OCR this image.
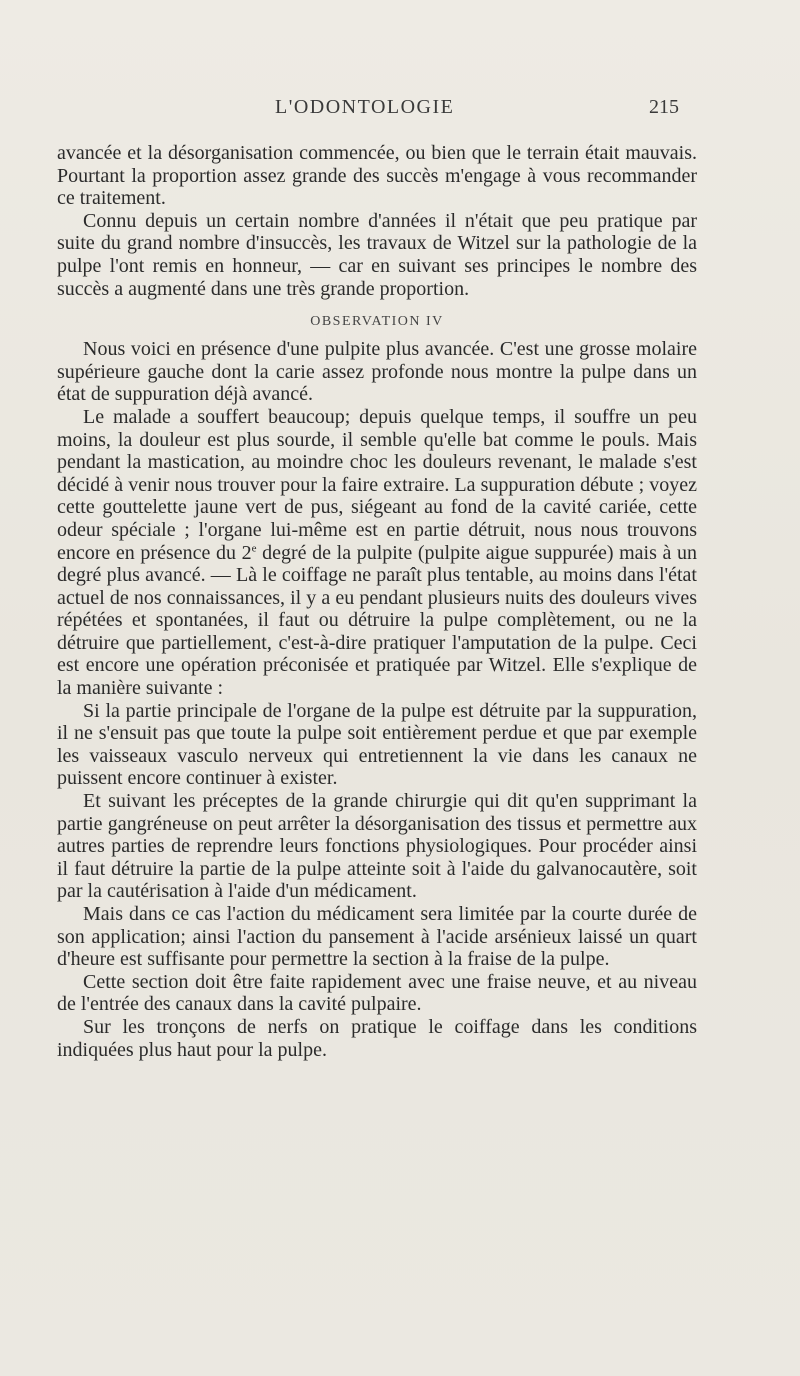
L'ODONTOLOGIE	215

avancée et la désorganisation commencée, ou bien que le terrain était mauvais. Pourtant la proportion assez grande des succès m'engage à vous recommander ce traitement.

Connu depuis un certain nombre d'années il n'était que peu pratique par suite du grand nombre d'insuccès, les travaux de Witzel sur la pathologie de la pulpe l'ont remis en honneur, — car en suivant ses principes le nombre des succès a augmenté dans une très grande proportion.

OBSERVATION IV

Nous voici en présence d'une pulpite plus avancée. C'est une grosse molaire supérieure gauche dont la carie assez profonde nous montre la pulpe dans un état de suppuration déjà avancé.

Le malade a souffert beaucoup; depuis quelque temps, il souffre un peu moins, la douleur est plus sourde, il semble qu'elle bat comme le pouls. Mais pendant la mastication, au moindre choc les douleurs revenant, le malade s'est décidé à venir nous trouver pour la faire extraire. La suppuration débute ; voyez cette gouttelette jaune vert de pus, siégeant au fond de la cavité cariée, cette odeur spéciale ; l'organe lui-même est en partie détruit, nous nous trouvons encore en présence du 2e degré de la pulpite (pulpite aigue suppurée) mais à un degré plus avancé. — Là le coiffage ne paraît plus tentable, au moins dans l'état actuel de nos connaissances, il y a eu pendant plusieurs nuits des douleurs vives répétées et spontanées, il faut ou détruire la pulpe complètement, ou ne la détruire que partiellement, c'est-à-dire pratiquer l'amputation de la pulpe. Ceci est encore une opération préconisée et pratiquée par Witzel. Elle s'explique de la manière suivante :

Si la partie principale de l'organe de la pulpe est détruite par la suppuration, il ne s'ensuit pas que toute la pulpe soit entièrement perdue et que par exemple les vaisseaux vasculo nerveux qui entretiennent la vie dans les canaux ne puissent encore continuer à exister.

Et suivant les préceptes de la grande chirurgie qui dit qu'en supprimant la partie gangréneuse on peut arrêter la désorganisation des tissus et permettre aux autres parties de reprendre leurs fonctions physiologiques. Pour procéder ainsi il faut détruire la partie de la pulpe atteinte soit à l'aide du galvanocautère, soit par la cautérisation à l'aide d'un médicament.

Mais dans ce cas l'action du médicament sera limitée par la courte durée de son application; ainsi l'action du pansement à l'acide arsénieux laissé un quart d'heure est suffisante pour permettre la section à la fraise de la pulpe.

Cette section doit être faite rapidement avec une fraise neuve, et au niveau de l'entrée des canaux dans la cavité pulpaire.

Sur les tronçons de nerfs on pratique le coiffage dans les conditions indiquées plus haut pour la pulpe.
